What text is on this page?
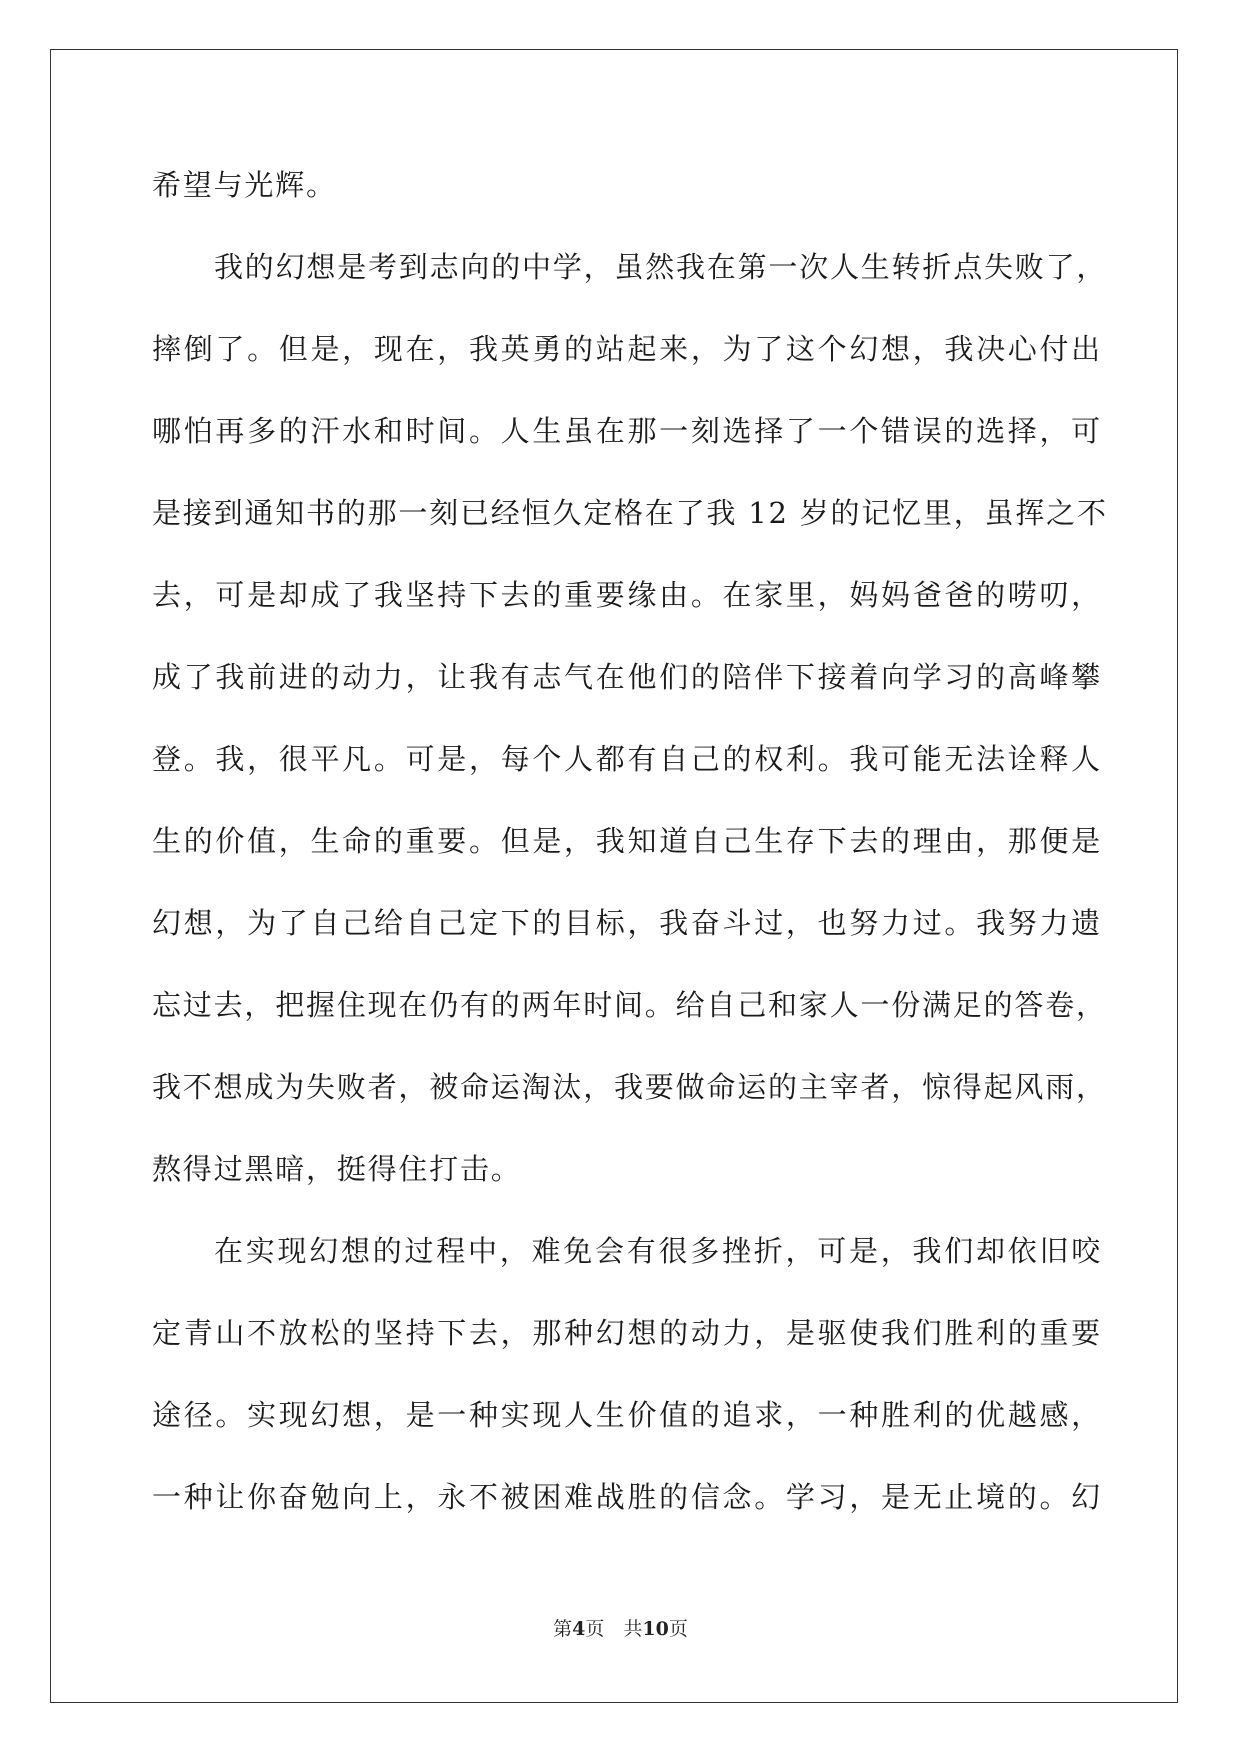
希望与光辉。
我的幻想是考到志向的中学，虽然我在第一次人生转折点失败了，
摔倒了。但是，现在，我英勇的站起来，为了这个幻想，我决心付出
哪怕再多的汗水和时间。人生虽在那一刻选择了一个错误的选择，可
是接到通知书的那一刻已经恒久定格在了我 12 岁的记忆里，虽挥之不
去，可是却成了我坚持下去的重要缘由。在家里，妈妈爸爸的唠叨，
成了我前进的动力，让我有志气在他们的陪伴下接着向学习的高峰攀
登。我，很平凡。可是，每个人都有自己的权利。我可能无法诠释人
生的价值，生命的重要。但是，我知道自己生存下去的理由，那便是
幻想，为了自己给自己定下的目标，我奋斗过，也努力过。我努力遗
忘过去，把握住现在仍有的两年时间。给自己和家人一份满足的答卷，
我不想成为失败者，被命运淘汰，我要做命运的主宰者，惊得起风雨，
熬得过黑暗，挺得住打击。
在实现幻想的过程中，难免会有很多挫折，可是，我们却依旧咬
定青山不放松的坚持下去，那种幻想的动力，是驱使我们胜利的重要
途径。实现幻想，是一种实现人生价值的追求，一种胜利的优越感，
一种让你奋勉向上，永不被困难战胜的信念。学习，是无止境的。幻
第4页　共10页
